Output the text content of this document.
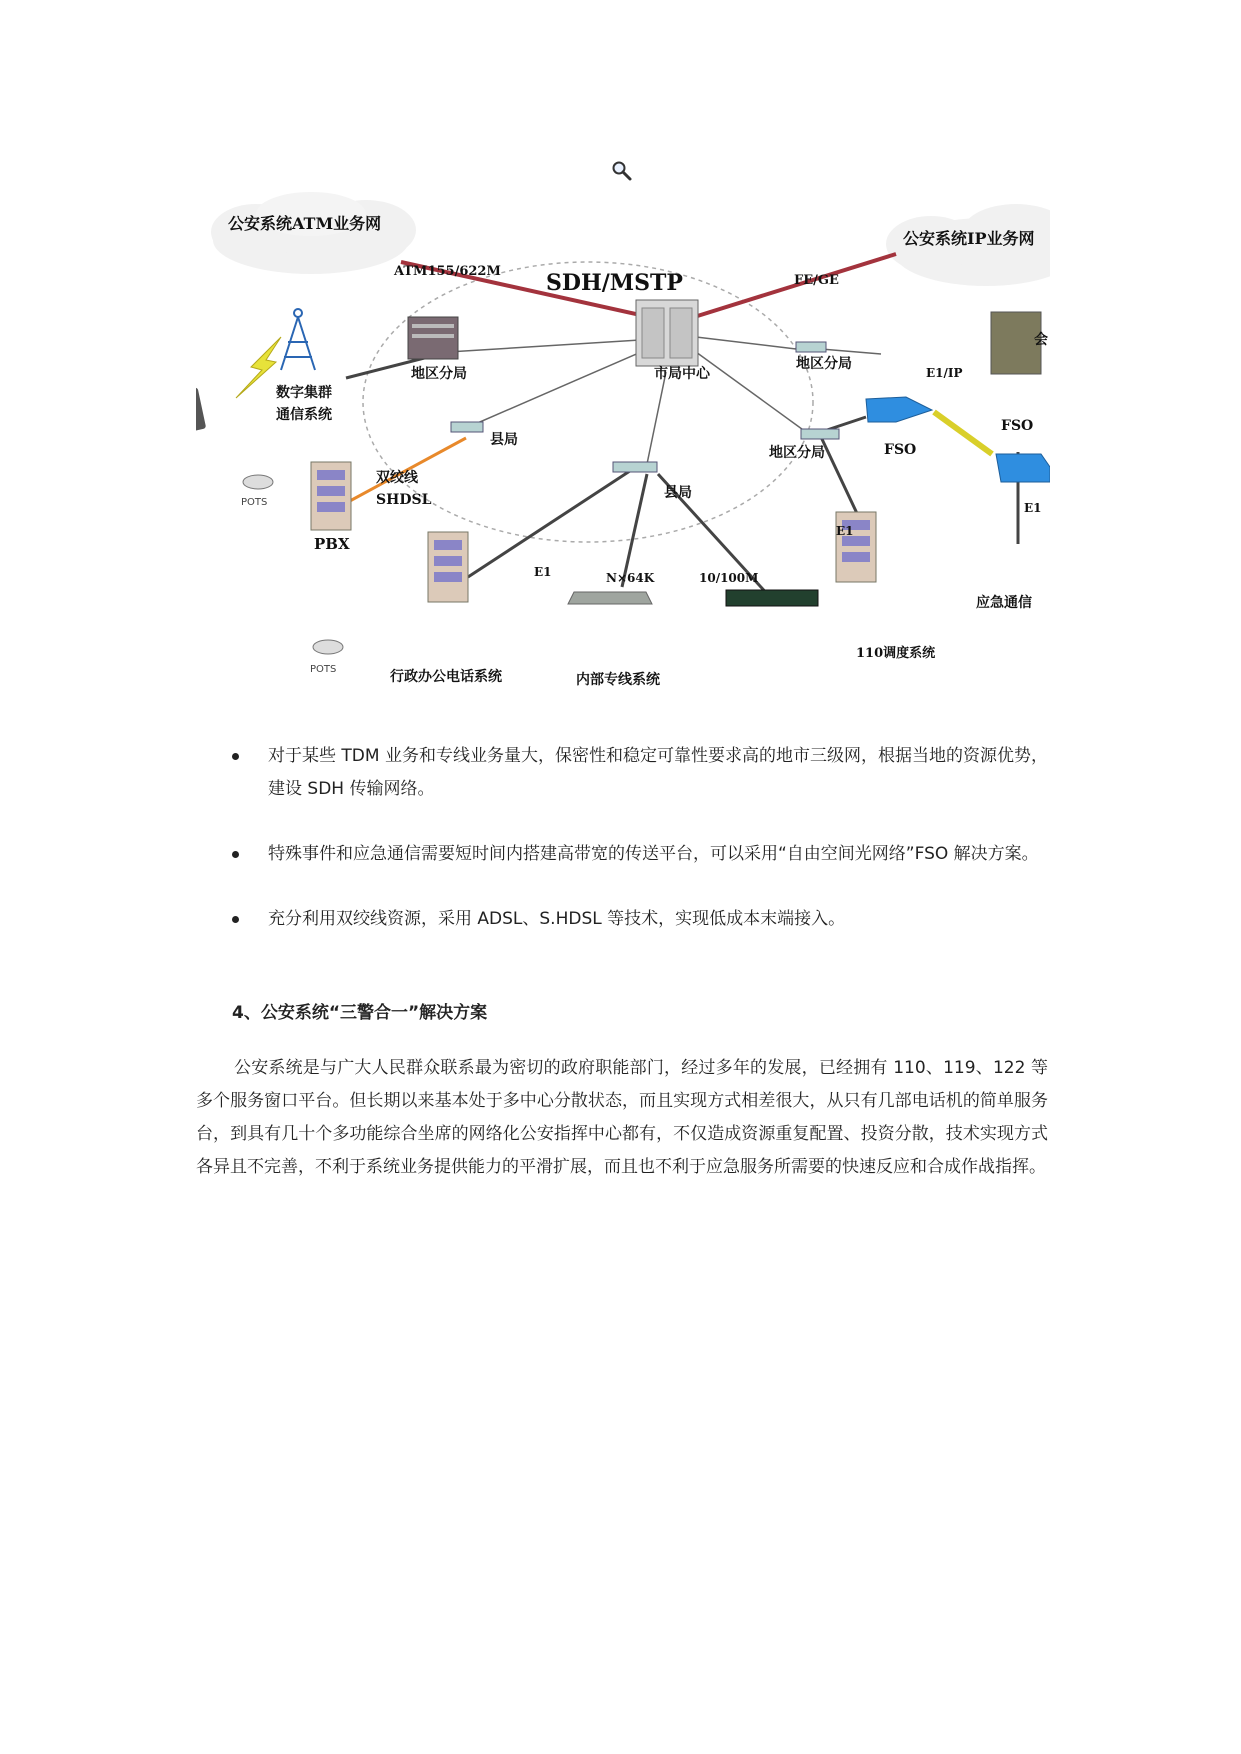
公安系统ATM业务网
公安系统IP业务网
ATM155/622M
FE/GE
SDH/MSTP
市局中心
地区分局
地区分局
地区分局
县局
县局
数字集群通信系统
双绞线 SHDSL
POTS
PBX
POTS	行政办公电话系统	内部专线系统
E1	N×64K	10/100M
E1/IP
E1
E1
FSO
FSO
110调度系统
应急通信
会
对于某些 TDM 业务和专线业务量大，保密性和稳定可靠性要求高的地市三级网，根据当地的资源优势，建设 SDH 传输网络。
特殊事件和应急通信需要短时间内搭建高带宽的传送平台，可以采用“自由空间光网络”FSO 解决方案。
充分利用双绞线资源，采用 ADSL、S.HDSL 等技术，实现低成本末端接入。
4、公安系统“三警合一”解决方案

公安系统是与广大人民群众联系最为密切的政府职能部门，经过多年的发展，已经拥有 110、119、122 等多个服务窗口平台。但长期以来基本处于多中心分散状态，而且实现方式相差很大，从只有几部电话机的简单服务台，到具有几十个多功能综合坐席的网络化公安指挥中心都有，不仅造成资源重复配置、投资分散，技术实现方式各异且不完善，不利于系统业务提供能力的平滑扩展，而且也不利于应急服务所需要的快速反应和合成作战指挥。
